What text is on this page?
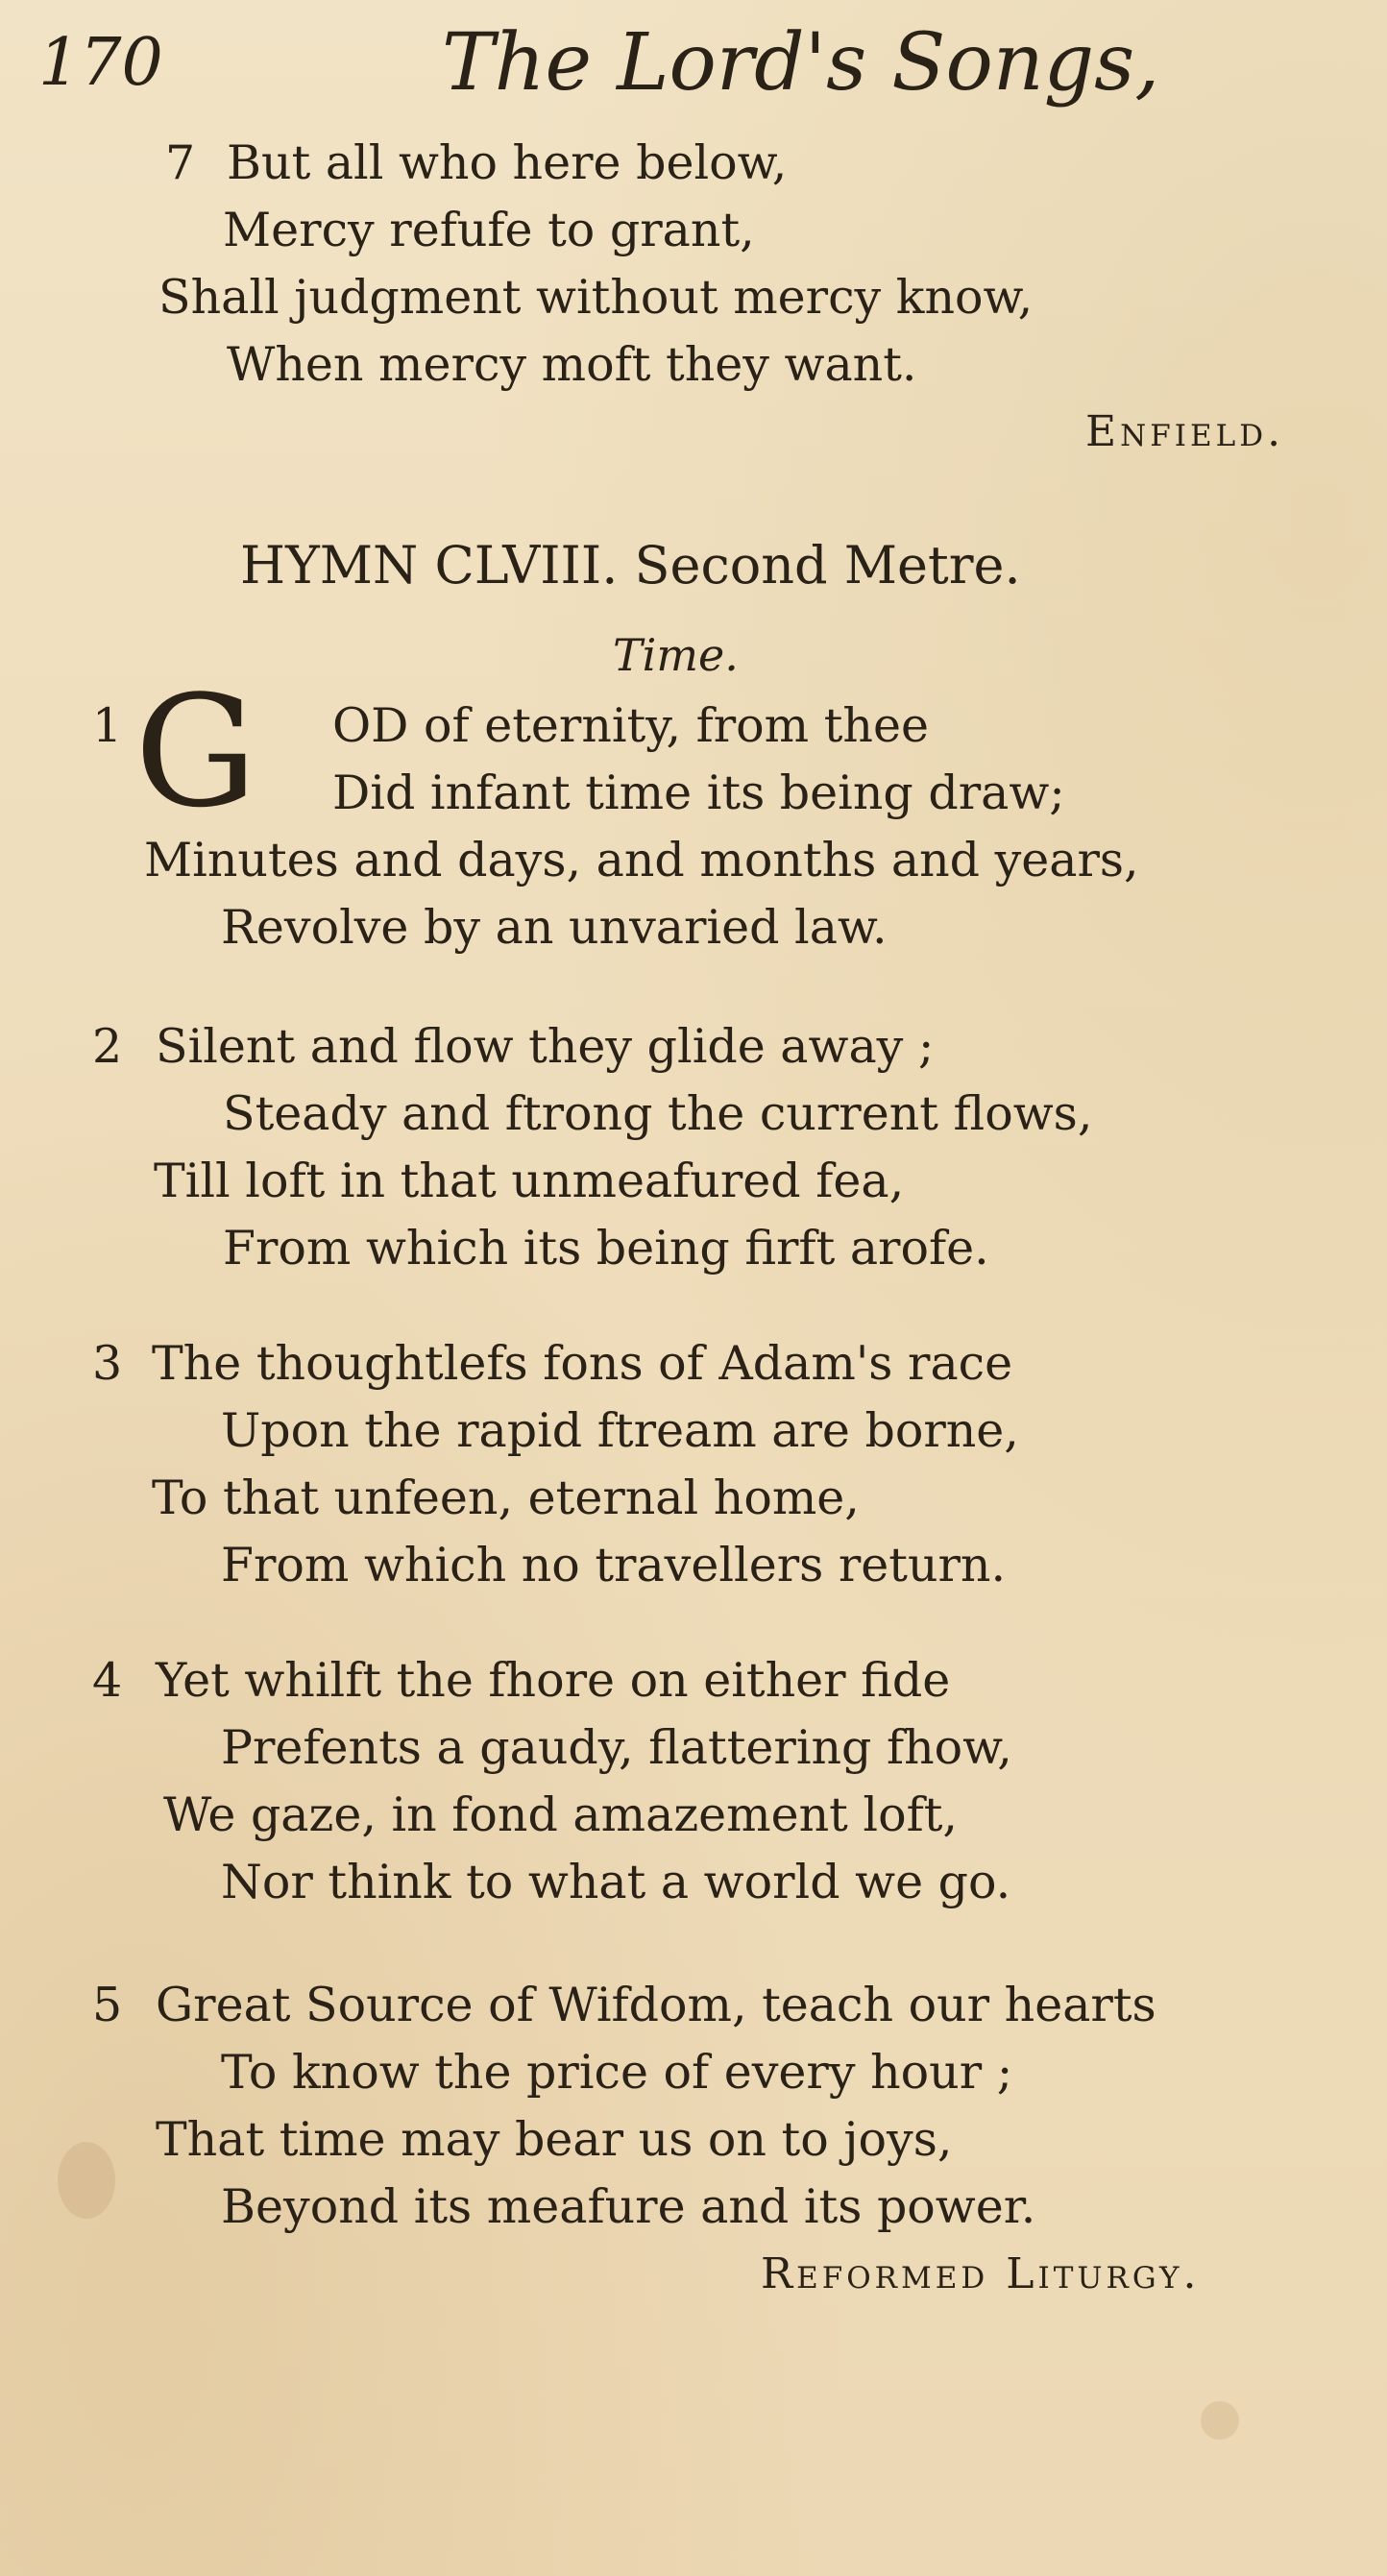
170	The Lord's Songs,
7 But all who here below,
Mercy refufe to grant,
Shall judgment without mercy know,
When mercy moft they want.
Enfield.
HYMN CLVIII. Second Metre.
Time.
1 G OD of eternity, from thee
Did infant time its being draw;
Minutes and days, and months and years,
Revolve by an unvaried law.
2 Silent and flow they glide away ;
Steady and ftrong the current flows,
Till loft in that unmeafured fea,
From which its being firft arofe.
3 The thoughtlefs fons of Adam's race
Upon the rapid ftream are borne,
To that unfeen, eternal home,
From which no travellers return.
4 Yet whilft the fhore on either fide
Prefents a gaudy, flattering fhow,
We gaze, in fond amazement loft,
Nor think to what a world we go.
5 Great Source of Wifdom, teach our hearts
To know the price of every hour ;
That time may bear us on to joys,
Beyond its meafure and its power.
Reformed Liturgy.
